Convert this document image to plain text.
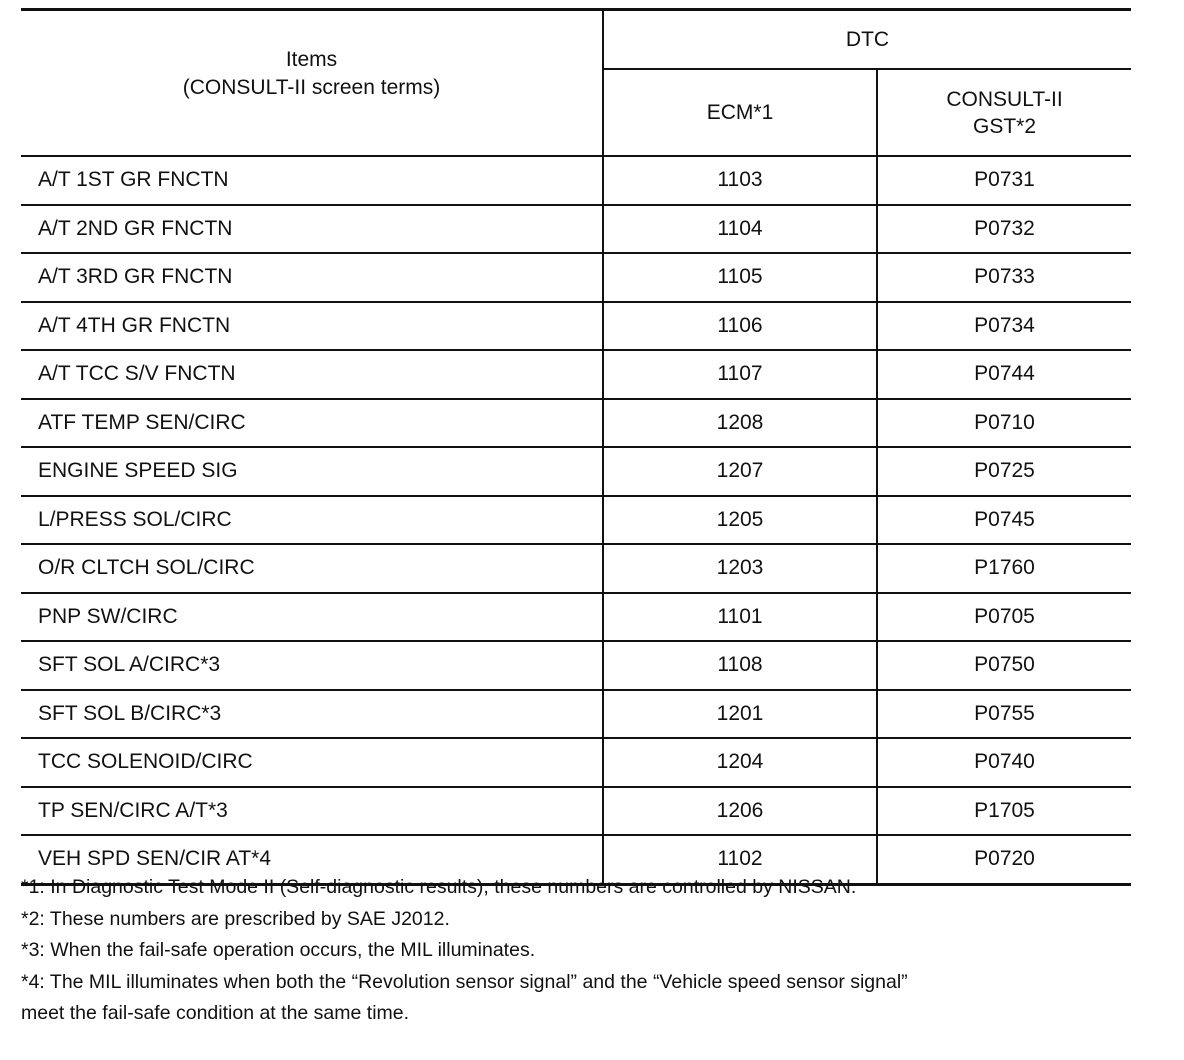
Items
(CONSULT-II screen terms)	DTC	
	ECM*1	CONSULT-II
GST*2

A/T 1ST GR FNCTN	1103	P0731
A/T 2ND GR FNCTN	1104	P0732
A/T 3RD GR FNCTN	1105	P0733
A/T 4TH GR FNCTN	1106	P0734
A/T TCC S/V FNCTN	1107	P0744
ATF TEMP SEN/CIRC	1208	P0710
ENGINE SPEED SIG	1207	P0725
L/PRESS SOL/CIRC	1205	P0745
O/R CLTCH SOL/CIRC	1203	P1760
PNP SW/CIRC	1101	P0705
SFT SOL A/CIRC*3	1108	P0750
SFT SOL B/CIRC*3	1201	P0755
TCC SOLENOID/CIRC	1204	P0740
TP SEN/CIRC A/T*3	1206	P1705
VEH SPD SEN/CIR AT*4	1102	P0720

*1: In Diagnostic Test Mode II (Self-diagnostic results), these numbers are controlled by NISSAN.

*2: These numbers are prescribed by SAE J2012.

*3: When the fail-safe operation occurs, the MIL illuminates.

*4: The MIL illuminates when both the “Revolution sensor signal” and the “Vehicle speed sensor signal”
meet the fail-safe condition at the same time.
